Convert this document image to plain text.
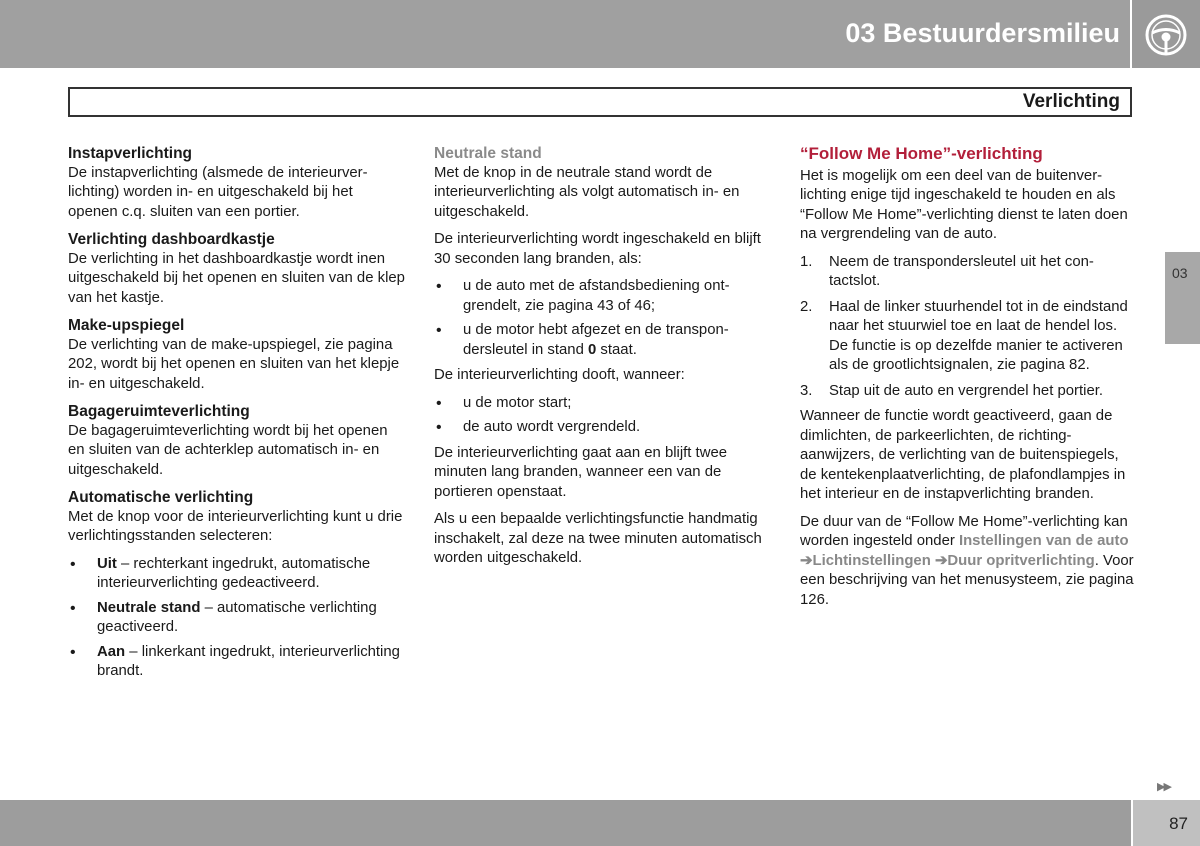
03 Bestuurdersmilieu
Verlichting
Instapverlichting

De instapverlichting (alsmede de interieurverlichting) worden in- en uitgeschakeld bij het openen c.q. sluiten van een portier.

Verlichting dashboardkastje

De verlichting in het dashboardkastje wordt inen uitgeschakeld bij het openen en sluiten van de klep van het kastje.

Make-upspiegel

De verlichting van de make-upspiegel, zie pagina 202, wordt bij het openen en sluiten van het klepje in- en uitgeschakeld.

Bagageruimteverlichting

De bagageruimteverlichting wordt bij het openen en sluiten van de achterklep automatisch in- en uitgeschakeld.

Automatische verlichting

Met de knop voor de interieurverlichting kunt u drie verlichtingsstanden selecteren:

• Uit – rechterkant ingedrukt, automatische interieurverlichting gedeactiveerd.
• Neutrale stand – automatische verlichting geactiveerd.
• Aan – linkerkant ingedrukt, interieurverlichting brandt.
Neutrale stand

Met de knop in de neutrale stand wordt de interieurverlichting als volgt automatisch in- en uitgeschakeld.

De interieurverlichting wordt ingeschakeld en blijft 30 seconden lang branden, als:

• u de auto met de afstandsbediening ontgrendelt, zie pagina 43 of 46;
• u de motor hebt afgezet en de transpondersleutel in stand 0 staat.

De interieurverlichting dooft, wanneer:

• u de motor start;
• de auto wordt vergrendeld.

De interieurverlichting gaat aan en blijft twee minuten lang branden, wanneer een van de portieren openstaat.

Als u een bepaalde verlichtingsfunctie handmatig inschakelt, zal deze na twee minuten automatisch worden uitgeschakeld.

“Follow Me Home”-verlichting

Het is mogelijk om een deel van de buitenverlichting enige tijd ingeschakeld te houden en als “Follow Me Home”-verlichting dienst te laten doen na vergrendeling van de auto.

1. Neem de transpondersleutel uit het contactslot.
2. Haal de linker stuurhendel tot in de eindstand naar het stuurwiel toe en laat de hendel los. De functie is op dezelfde manier te activeren als de grootlichtsignalen, zie pagina 82.
3. Stap uit de auto en vergrendel het portier.

Wanneer de functie wordt geactiveerd, gaan de dimlichten, de parkeerlichten, de richtingaanwijzers, de verlichting van de buitenspiegels, de kentekenplaatverlichting, de plafondlampjes in het interieur en de instapverlichting branden.

De duur van de “Follow Me Home”-verlichting kan worden ingesteld onder Instellingen van de auto ➔Lichtinstellingen ➔Duur opritverlichting. Voor een beschrijving van het menusysteem, zie pagina 126.

03
▶▶
87
